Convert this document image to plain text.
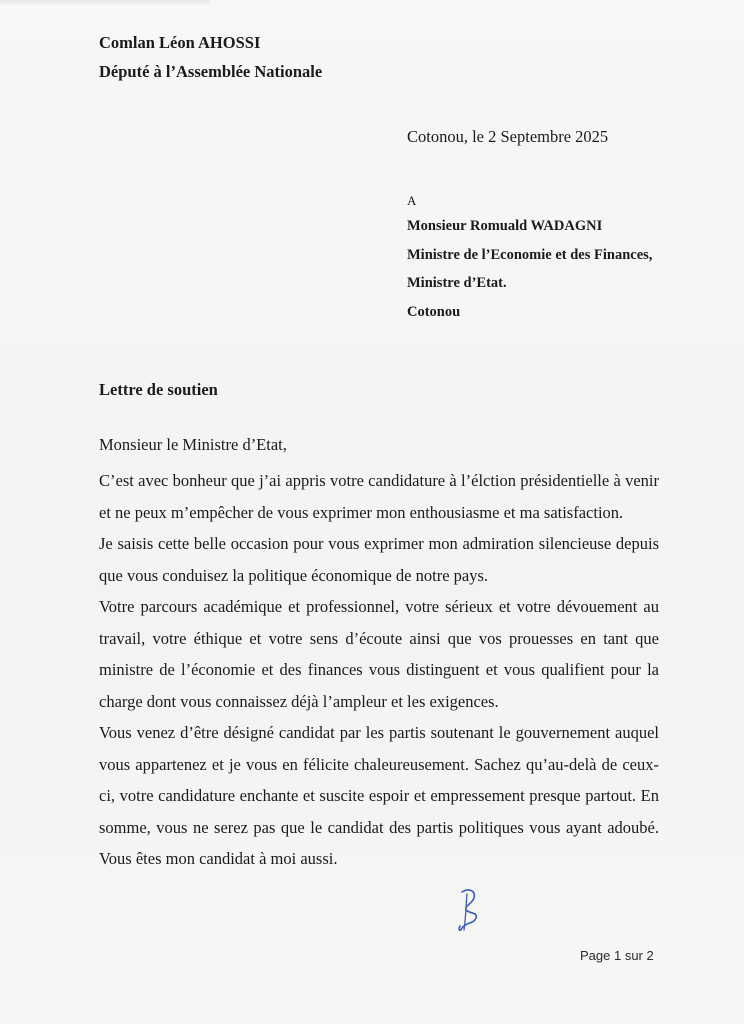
Comlan Léon AHOSSI
Député à l’Assemblée Nationale
Cotonou, le 2 Septembre 2025
A
Monsieur Romuald WADAGNI
Ministre de l’Economie et des Finances,
Ministre d’Etat.
Cotonou
Lettre de soutien
Monsieur le Ministre d’Etat,

C’est avec bonheur que j’ai appris votre candidature à l’élction présidentielle à venir et ne peux m’empêcher de vous exprimer mon enthousiasme et ma satisfaction.

Je saisis cette belle occasion pour vous exprimer mon admiration silencieuse depuis que vous conduisez la politique économique de notre pays.

Votre parcours académique et professionnel, votre sérieux et votre dévouement au travail, votre éthique et votre sens d’écoute ainsi que vos prouesses en tant que ministre de l’économie et des finances vous distinguent et vous qualifient pour la charge dont vous connaissez déjà l’ampleur et les exigences.

Vous venez d’être désigné candidat par les partis soutenant le gouvernement auquel vous appartenez et je vous en félicite chaleureusement. Sachez qu’au-delà de ceux-ci, votre candidature enchante et suscite espoir et empressement presque partout. En somme, vous ne serez pas que le candidat des partis politiques vous ayant adoubé. Vous êtes mon candidat à moi aussi.

Page 1 sur 2
